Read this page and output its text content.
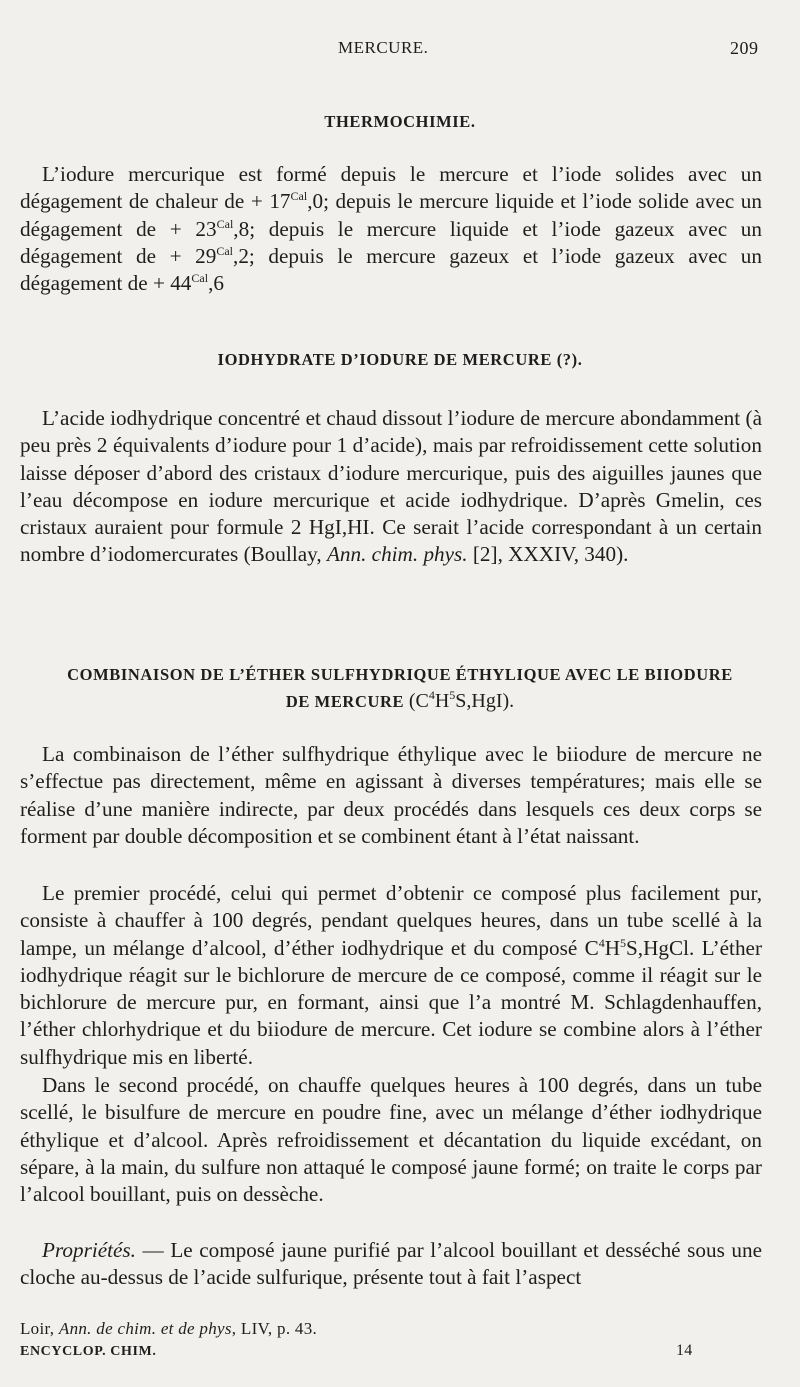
MERCURE.	209
THERMOCHIMIE.
L’iodure mercurique est formé depuis le mercure et l’iode solides avec un dégagement de chaleur de + $17^{Cal},0$; depuis le mercure liquide et l’iode solide avec un dégagement de + $23^{Cal},8$; depuis le mercure liquide et l’iode gazeux avec un dégagement de + $29^{Cal},2$; depuis le mercure gazeux et l’iode gazeux avec un dégagement de + $44^{Cal},6$
IODHYDRATE D’IODURE DE MERCURE (?).
L’acide iodhydrique concentré et chaud dissout l’iodure de mercure abondamment (à peu près 2 équivalents d’iodure pour 1 d’acide), mais par refroidissement cette solution laisse déposer d’abord des cristaux d’iodure mercurique, puis des aiguilles jaunes que l’eau décompose en iodure mercurique et acide iodhydrique. D’après Gmelin, ces cristaux auraient pour formule 2 HgI,HI. Ce serait l’acide correspondant à un certain nombre d’iodomercurates (Boullay, Ann. chim. phys. [2], XXXIV, 340).
COMBINAISON DE L’ÉTHER SULFHYDRIQUE ÉTHYLIQUE AVEC LE BIIODURE
DE MERCURE $(C^4H^5S,HgI)$.
La combinaison de l’éther sulfhydrique éthylique avec le biiodure de mercure ne s’effectue pas directement, même en agissant à diverses températures; mais elle se réalise d’une manière indirecte, par deux procédés dans lesquels ces deux corps se forment par double décomposition et se combinent étant à l’état naissant.
Le premier procédé, celui qui permet d’obtenir ce composé plus facilement pur, consiste à chauffer à 100 degrés, pendant quelques heures, dans un tube scellé à la lampe, un mélange d’alcool, d’éther iodhydrique et du composé $C^4H^5S,HgCl$. L’éther iodhydrique réagit sur le bichlorure de mercure de ce composé, comme il réagit sur le bichlorure de mercure pur, en formant, ainsi que l’a montré M. Schlagdenhauffen, l’éther chlorhydrique et du biiodure de mercure. Cet iodure se combine alors à l’éther sulfhydrique mis en liberté.
Dans le second procédé, on chauffe quelques heures à 100 degrés, dans un tube scellé, le bisulfure de mercure en poudre fine, avec un mélange d’éther iodhydrique éthylique et d’alcool. Après refroidissement et décantation du liquide excédant, on sépare, à la main, du sulfure non attaqué le composé jaune formé; on traite le corps par l’alcool bouillant, puis on dessèche.
Propriétés. — Le composé jaune purifié par l’alcool bouillant et desséché sous une cloche au-dessus de l’acide sulfurique, présente tout à fait l’aspect
Loir, Ann. de chim. et de phys, LIV, p. 43.
ENCYCLOP. CHIM.	14
